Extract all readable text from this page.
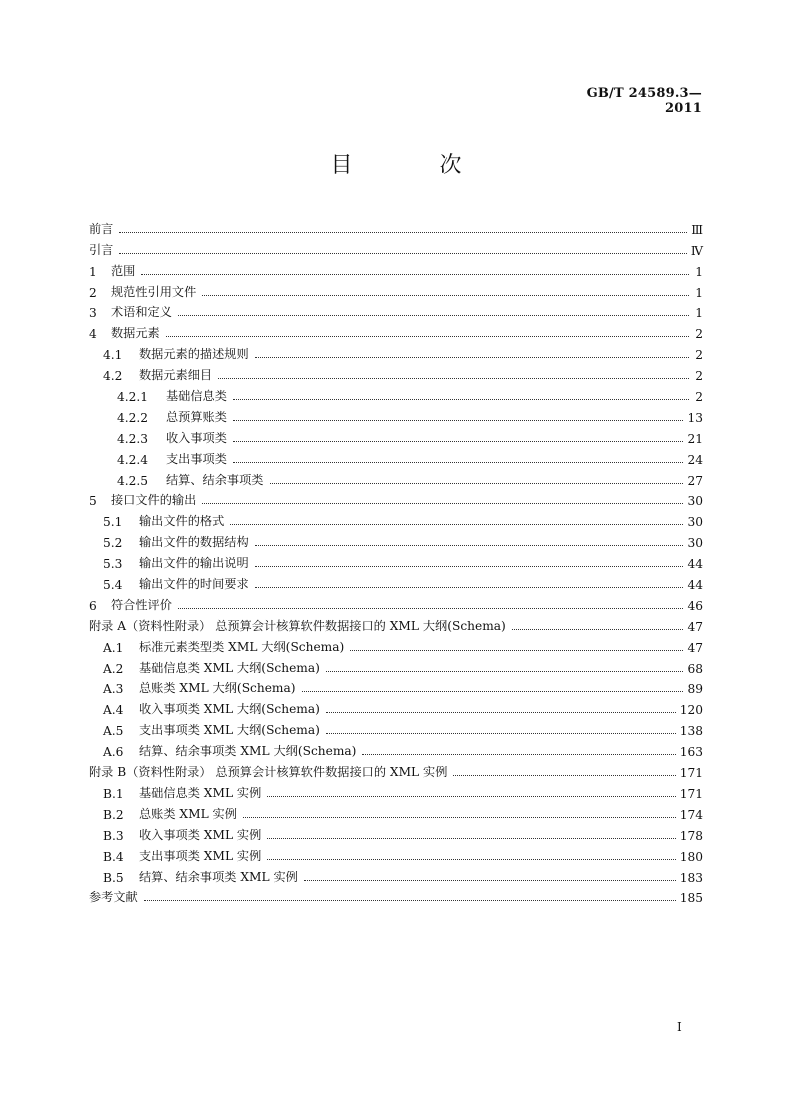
GB/T 24589.3—2011
目 次
前言	Ⅲ
引言	Ⅳ
1	范围	1
2	规范性引用文件	1
3	术语和定义	1
4	数据元素	2
4.1	数据元素的描述规则	2
4.2	数据元素细目	2
4.2.1	基础信息类	2
4.2.2	总预算账类	13
4.2.3	收入事项类	21
4.2.4	支出事项类	24
4.2.5	结算、结余事项类	27
5	接口文件的输出	30
5.1	输出文件的格式	30
5.2	输出文件的数据结构	30
5.3	输出文件的输出说明	44
5.4	输出文件的时间要求	44
6	符合性评价	46
附录 A（资料性附录） 总预算会计核算软件数据接口的 XML 大纲(Schema)	47
A.1	标准元素类型类 XML 大纲(Schema)	47
A.2	基础信息类 XML 大纲(Schema)	68
A.3	总账类 XML 大纲(Schema)	89
A.4	收入事项类 XML 大纲(Schema)	120
A.5	支出事项类 XML 大纲(Schema)	138
A.6	结算、结余事项类 XML 大纲(Schema)	163
附录 B（资料性附录） 总预算会计核算软件数据接口的 XML 实例	171
B.1	基础信息类 XML 实例	171
B.2	总账类 XML 实例	174
B.3	收入事项类 XML 实例	178
B.4	支出事项类 XML 实例	180
B.5	结算、结余事项类 XML 实例	183
参考文献	185
I
